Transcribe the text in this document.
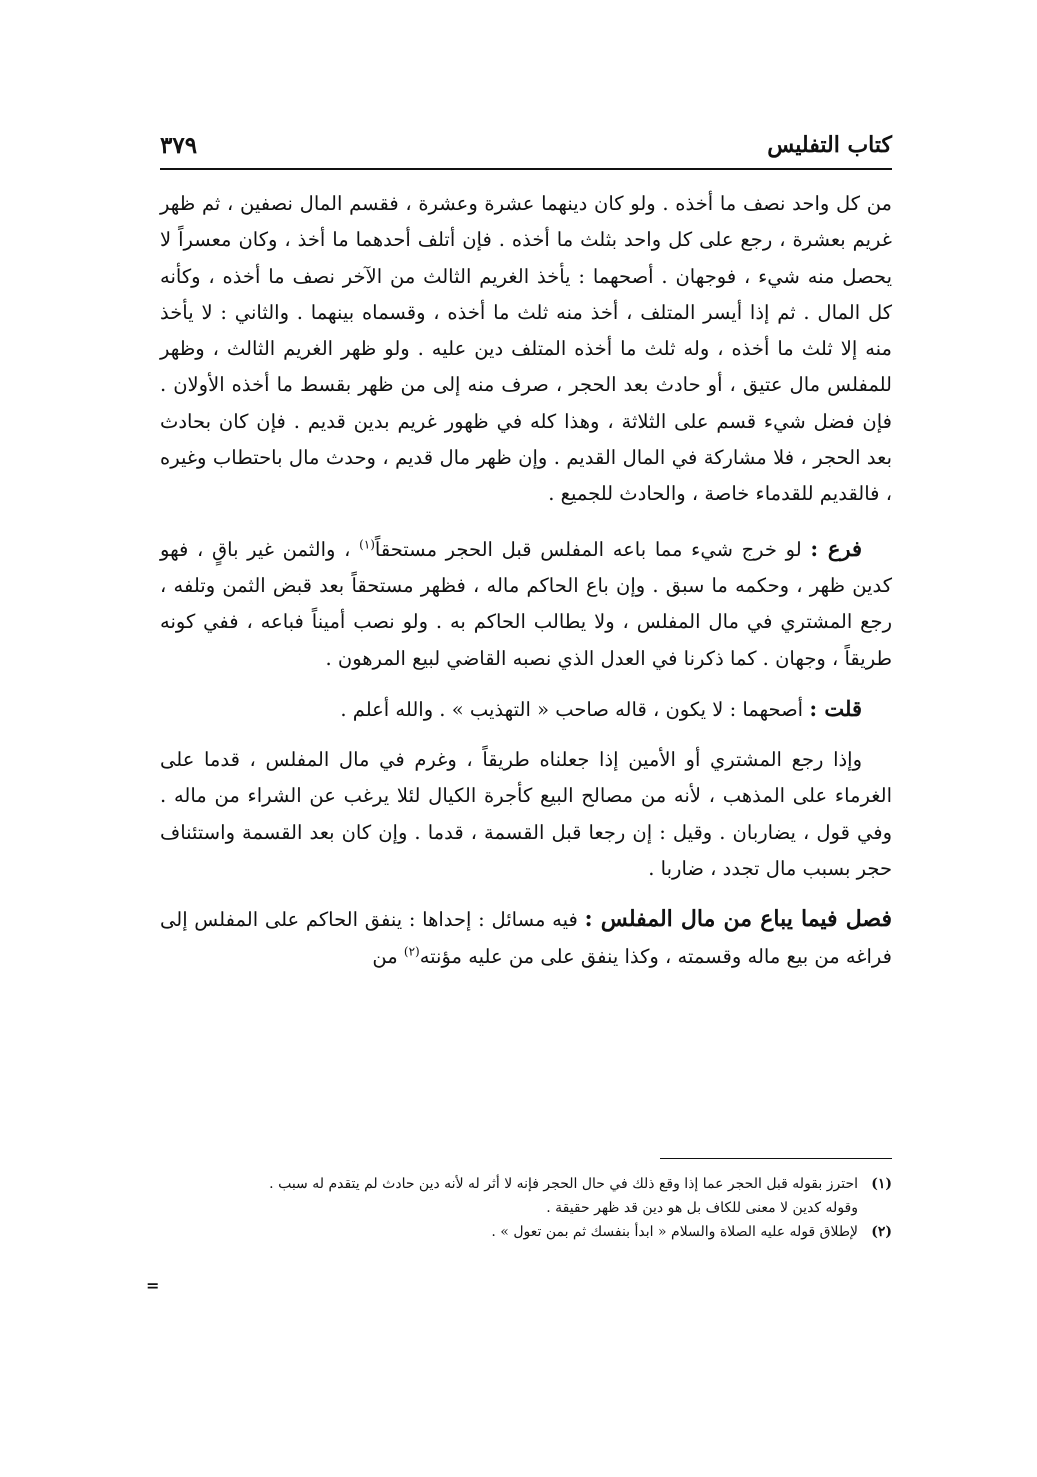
كتاب التفليس
٣٧٩

من كل واحد نصف ما أخذه . ولو كان دينهما عشرة وعشرة ، فقسم المال نصفين ، ثم ظهر غريم بعشرة ، رجع على كل واحد بثلث ما أخذه . فإن أتلف أحدهما ما أخذ ، وكان معسراً لا يحصل منه شيء ، فوجهان . أصحهما : يأخذ الغريم الثالث من الآخر نصف ما أخذه ، وكأنه كل المال . ثم إذا أيسر المتلف ، أخذ منه ثلث ما أخذه ، وقسماه بينهما . والثاني : لا يأخذ منه إلا ثلث ما أخذه ، وله ثلث ما أخذه المتلف دين عليه . ولو ظهر الغريم الثالث ، وظهر للمفلس مال عتيق ، أو حادث بعد الحجر ، صرف منه إلى من ظهر بقسط ما أخذه الأولان . فإن فضل شيء قسم على الثلاثة ، وهذا كله في ظهور غريم بدين قديم . فإن كان بحادث بعد الحجر ، فلا مشاركة في المال القديم . وإن ظهر مال قديم ، وحدث مال باحتطاب وغيره ، فالقديم للقدماء خاصة ، والحادث للجميع .

فرع : لو خرج شيء مما باعه المفلس قبل الحجر مستحقاً$^{(١)}$ ، والثمن غير باقٍ ، فهو كدين ظهر ، وحكمه ما سبق . وإن باع الحاكم ماله ، فظهر مستحقاً بعد قبض الثمن وتلفه ، رجع المشتري في مال المفلس ، ولا يطالب الحاكم به . ولو نصب أميناً فباعه ، ففي كونه طريقاً ، وجهان . كما ذكرنا في العدل الذي نصبه القاضي لبيع المرهون .

قلت : أصحهما : لا يكون ، قاله صاحب « التهذيب » . والله أعلم .

وإذا رجع المشتري أو الأمين إذا جعلناه طريقاً ، وغرم في مال المفلس ، قدما على الغرماء على المذهب ، لأنه من مصالح البيع كأجرة الكيال لئلا يرغب عن الشراء من ماله . وفي قول ، يضاربان . وقيل : إن رجعا قبل القسمة ، قدما . وإن كان بعد القسمة واستئناف حجر بسبب مال تجدد ، ضاربا .

فصل فيما يباع من مال المفلس : فيه مسائل : إحداها : ينفق الحاكم على المفلس إلى فراغه من بيع ماله وقسمته ، وكذا ينفق على من عليه مؤنته$^{(٢)}$ من

(١)احترز بقوله قبل الحجر عما إذا وقع ذلك في حال الحجر فإنه لا أثر له لأنه دين حادث لم يتقدم له سبب .

وقوله كدين لا معنى للكاف بل هو دين قد ظهر حقيقة .

(٢)لإطلاق قوله عليه الصلاة والسلام « ابدأ بنفسك ثم بمن تعول » .

=
